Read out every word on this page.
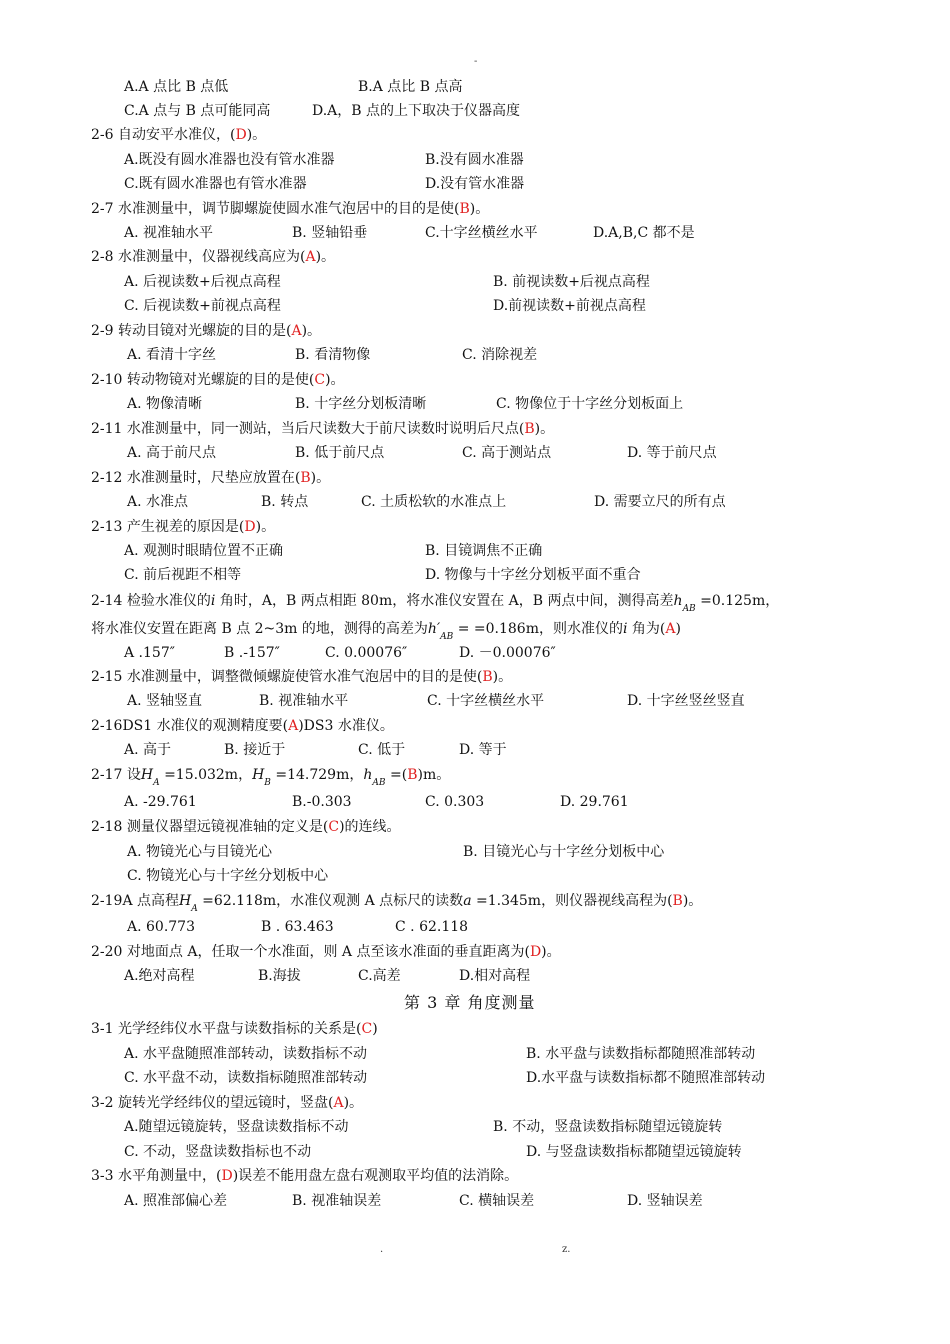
-
A.A 点比 B 点低	B.A 点比 B 点高
C.A 点与 B 点可能同高	D.A，B 点的上下取决于仪器高度
2-6 自动安平水准仪，(D)。
A.既没有圆水准器也没有管水准器	B.没有圆水准器
C.既有圆水准器也有管水准器	D.没有管水准器
2-7 水准测量中，调节脚螺旋使圆水准气泡居中的目的是使(B)。
A. 视准轴水平	B. 竖轴铅垂	C.十字丝横丝水平	D.A,B,C 都不是
2-8 水准测量中，仪器视线高应为(A)。
A. 后视读数+后视点高程	B. 前视读数+后视点高程
C. 后视读数+前视点高程	D.前视读数+前视点高程
2-9 转动目镜对光螺旋的目的是(A)。
A. 看清十字丝	B. 看清物像	C. 消除视差
2-10 转动物镜对光螺旋的目的是使(C)。
A. 物像清晰	B. 十字丝分划板清晰	C. 物像位于十字丝分划板面上
2-11 水准测量中，同一测站，当后尺读数大于前尺读数时说明后尺点(B)。
A. 高于前尺点	B. 低于前尺点	C. 高于测站点	D. 等于前尺点
2-12 水准测量时，尺垫应放置在(B)。
A. 水准点	B. 转点	C. 土质松软的水准点上	D. 需要立尺的所有点
2-13 产生视差的原因是(D)。
A. 观测时眼睛位置不正确	B. 目镜调焦不正确
C. 前后视距不相等	D. 物像与十字丝分划板平面不重合
A. 竖轴竖直	B. 视准轴水平	C. 十字丝横丝水平	D. 十字丝竖丝竖直
A. 高于	B. 接近于	C. 低于	D. 等于
A. 物镜光心与目镜光心	B. 目镜光心与十字丝分划板中心
C. 物镜光心与十字丝分划板中心
A.绝对高程	B.海拔	C.高差	D.相对高程
A. 水平盘随照准部转动，读数指标不动	B. 水平盘与读数指标都随照准部转动
C. 水平盘不动，读数指标随照准部转动	D.水平盘与读数指标都不随照准部转动
A.随望远镜旋转，竖盘读数指标不动	B. 不动，竖盘读数指标随望远镜旋转
C. 不动，竖盘读数指标也不动	D. 与竖盘读数指标都随望远镜旋转
A. 照准部偏心差	B. 视准轴误差	C. 横轴误差	D. 竖轴误差
2-14 检验水准仪的i 角时，A，B 两点相距 80m，将水准仪安置在 A，B 两点中间，测得高差$h_{AB} =0.125m$，
将水准仪安置在距离 B 点 2~3m 的地，测得的高差为$h'_{AB} = =0.186m$，则水准仪的i 角为(A)
A .157″	B .-157″	C. 0.00076″	D. －0.00076″
2-15 水准测量中，调整微倾螺旋使管水准气泡居中的目的是使(B)。
2-16DS1 水准仪的观测精度要(A)DS3 水准仪。
2-17 设$H_A =15.032m$，$H_B =14.729m$，$h_{AB} =(B)m$。
A. -29.761	B.-0.303	C. 0.303	D. 29.761
2-18 测量仪器望远镜视准轴的定义是(C)的连线。
2-19A 点高程$H_A =62.118m$，水准仪观测 A 点标尺的读数a =1.345m，则仪器视线高程为(B)。
A. 60.773	B . 63.463	C . 62.118
2-20 对地面点 A，任取一个水准面，则 A 点至该水准面的垂直距离为(D)。
第 3 章 角度测量
3-1 光学经纬仪水平盘与读数指标的关系是(C)
3-2 旋转光学经纬仪的望远镜时，竖盘(A)。
3-3 水平角测量中，(D)误差不能用盘左盘右观测取平均值的法消除。
.	z.
